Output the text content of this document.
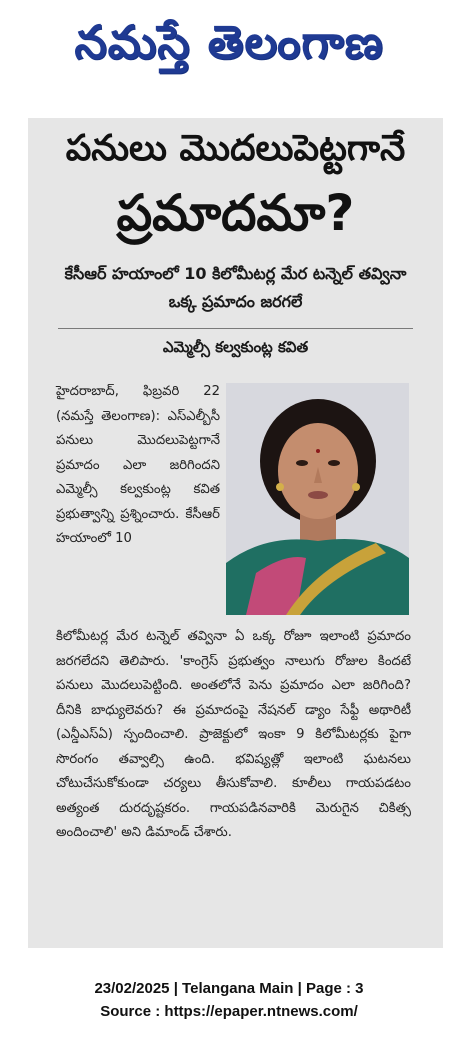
నమస్తే తెలంగాణ
పనులు మొదలుపెట్టగానే
ప్రమాదమా?
కేసీఆర్ హయాంలో 10 కిలోమీటర్ల మేర టన్నెల్ తవ్వినా ఒక్క ప్రమాదం జరగలే
ఎమ్మెల్సీ కల్వకుంట్ల కవిత
హైదరాబాద్, ఫిబ్రవరి 22 (నమస్తే తెలంగాణ): ఎస్ఎల్బీసీ పనులు మొదలుపెట్టగానే ప్రమాదం ఎలా జరిగిందని ఎమ్మెల్సీ కల్వకుంట్ల కవిత ప్రభుత్వాన్ని ప్రశ్నించారు. కేసీఆర్ హయాంలో 10
కిలోమీటర్ల మేర టన్నెల్ తవ్వినా ఏ ఒక్క రోజూ ఇలాంటి ప్రమాదం జరగలేదని తెలిపారు. 'కాంగ్రెస్ ప్రభుత్వం నాలుగు రోజుల కిందటే పనులు మొదలుపెట్టింది. అంతలోనే పెను ప్రమాదం ఎలా జరిగింది? దీనికి బాధ్యులెవరు? ఈ ప్రమాదంపై నేషనల్ డ్యాం సేఫ్టీ అథారిటీ (ఎన్డీఎస్ఏ) స్పందించాలి. ప్రాజెక్టులో ఇంకా 9 కిలోమీటర్లకు పైగా సొరంగం తవ్వాల్సి ఉంది. భవిష్యత్లో ఇలాంటి ఘటనలు చోటుచేసుకోకుండా చర్యలు తీసుకోవాలి. కూలీలు గాయపడటం అత్యంత దురదృష్టకరం. గాయపడినవారికి మెరుగైన చికిత్స అందించాలి' అని డిమాండ్ చేశారు.
23/02/2025 | Telangana Main | Page : 3
Source : https://epaper.ntnews.com/
